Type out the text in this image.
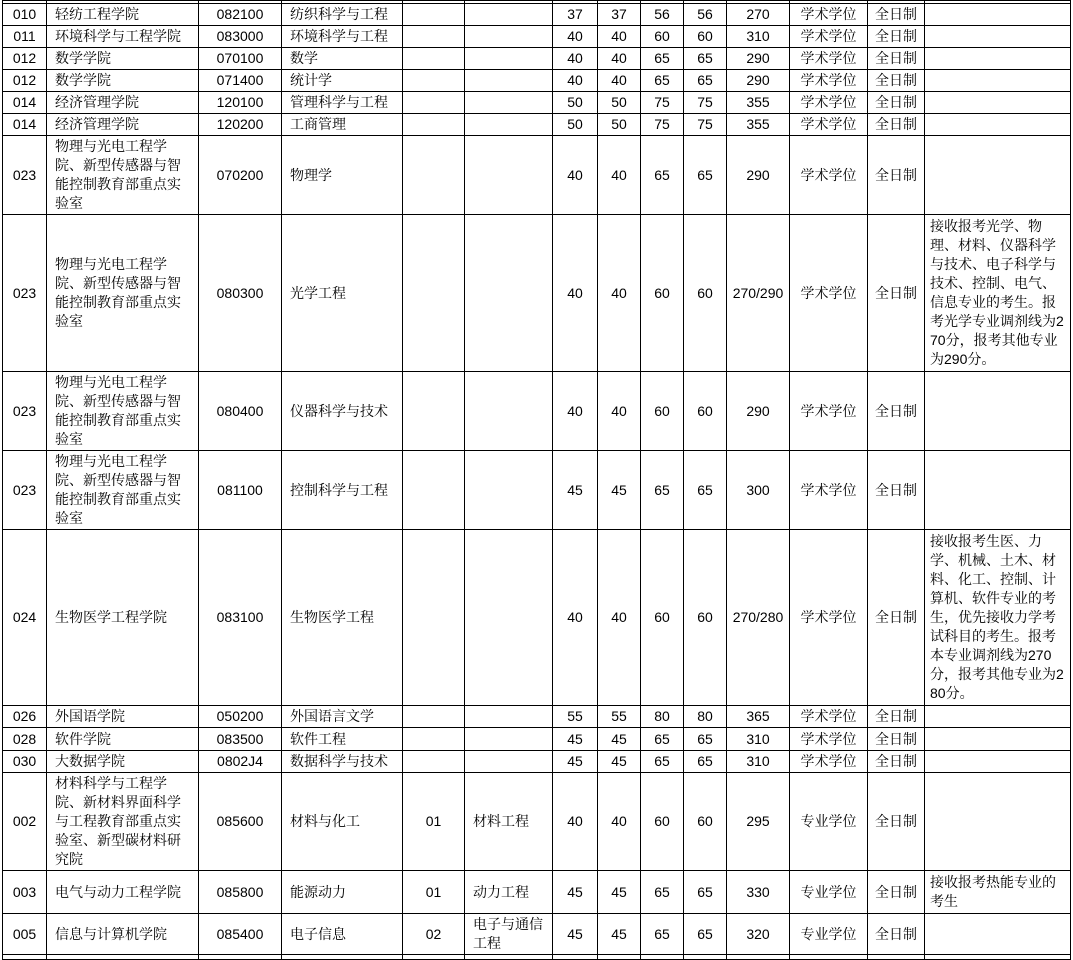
010	轻纺工程学院	082100	纺织科学与工程			37	37	56	56	270	学术学位	全日制	
011	环境科学与工程学院	083000	环境科学与工程			40	40	60	60	310	学术学位	全日制	
012	数学学院	070100	数学			40	40	65	65	290	学术学位	全日制	
012	数学学院	071400	统计学			40	40	65	65	290	学术学位	全日制	
014	经济管理学院	120100	管理科学与工程			50	50	75	75	355	学术学位	全日制	
014	经济管理学院	120200	工商管理			50	50	75	75	355	学术学位	全日制	
023	物理与光电工程学院、新型传感器与智能控制教育部重点实验室	070200	物理学			40	40	65	65	290	学术学位	全日制	
023	物理与光电工程学院、新型传感器与智能控制教育部重点实验室	080300	光学工程			40	40	60	60	270/290	学术学位	全日制	接收报考光学、物理、材料、仪器科学与技术、电子科学与技术、控制、电气、信息专业的考生。报考光学专业调剂线为270分，报考其他专业为290分。
023	物理与光电工程学院、新型传感器与智能控制教育部重点实验室	080400	仪器科学与技术			40	40	60	60	290	学术学位	全日制	
023	物理与光电工程学院、新型传感器与智能控制教育部重点实验室	081100	控制科学与工程			45	45	65	65	300	学术学位	全日制	
024	生物医学工程学院	083100	生物医学工程			40	40	60	60	270/280	学术学位	全日制	接收报考生医、力学、机械、土木、材料、化工、控制、计算机、软件专业的考生，优先接收力学考试科目的考生。报考本专业调剂线为270分，报考其他专业为280分。
026	外国语学院	050200	外国语言文学			55	55	80	80	365	学术学位	全日制	
028	软件学院	083500	软件工程			45	45	65	65	310	学术学位	全日制	
030	大数据学院	0802J4	数据科学与技术			45	45	65	65	310	学术学位	全日制	
002	材料科学与工程学院、新材料界面科学与工程教育部重点实验室、新型碳材料研究院	085600	材料与化工	01	材料工程	40	40	60	60	295	专业学位	全日制	
003	电气与动力工程学院	085800	能源动力	01	动力工程	45	45	65	65	330	专业学位	全日制	接收报考热能专业的考生
005	信息与计算机学院	085400	电子信息	02	电子与通信工程	45	45	65	65	320	专业学位	全日制	
